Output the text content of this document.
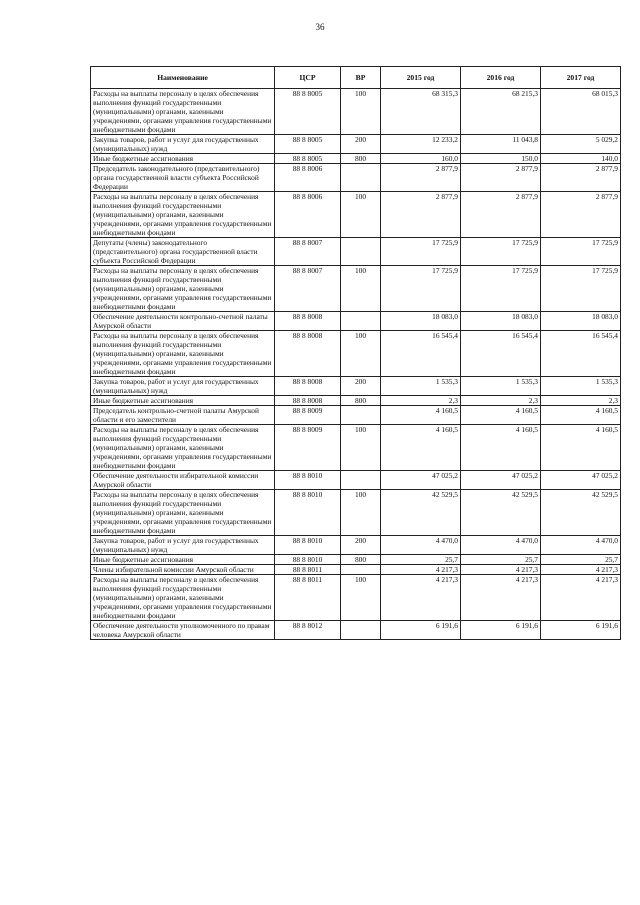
36
Наименование	ЦСР	ВР	2015 год	2016 год	2017 год
Расходы на выплаты персоналу в целях обеспечения выполнения функций государственными (муниципальными) органами, казенными учреждениями, органами управления государственными внебюджетными фондами	88 8 8005	100	68 315,3	68 215,3	68 015,3
Закупка товаров, работ и услуг для государственных (муниципальных) нужд	88 8 8005	200	12 233,2	11 043,8	5 029,2
Иные бюджетные ассигнования	88 8 8005	800	160,0	150,0	140,0
Председатель законодательного (представительного) органа государственной власти субъекта Российской Федерации	88 8 8006		2 877,9	2 877,9	2 877,9
Расходы на выплаты персоналу в целях обеспечения выполнения функций государственными (муниципальными) органами, казенными учреждениями, органами управления государственными внебюджетными фондами	88 8 8006	100	2 877,9	2 877,9	2 877,9
Депутаты (члены) законодательного (представительного) органа государственной власти субъекта Российской Федерации	88 8 8007		17 725,9	17 725,9	17 725,9
Расходы на выплаты персоналу в целях обеспечения выполнения функций государственными (муниципальными) органами, казенными учреждениями, органами управления государственными внебюджетными фондами	88 8 8007	100	17 725,9	17 725,9	17 725,9
Обеспечение деятельности контрольно-счетной палаты Амурской области	88 8 8008		18 083,0	18 083,0	18 083,0
Расходы на выплаты персоналу в целях обеспечения выполнения функций государственными (муниципальными) органами, казенными учреждениями, органами управления государственными внебюджетными фондами	88 8 8008	100	16 545,4	16 545,4	16 545,4
Закупка товаров, работ и услуг для государственных (муниципальных) нужд	88 8 8008	200	1 535,3	1 535,3	1 535,3
Иные бюджетные ассигнования	88 8 8008	800	2,3	2,3	2,3
Председатель контрольно-счетной палаты Амурской области и его заместители	88 8 8009		4 160,5	4 160,5	4 160,5
Расходы на выплаты персоналу в целях обеспечения выполнения функций государственными (муниципальными) органами, казенными учреждениями, органами управления государственными внебюджетными фондами	88 8 8009	100	4 160,5	4 160,5	4 160,5
Обеспечение деятельности избирательной комиссии Амурской области	88 8 8010		47 025,2	47 025,2	47 025,2
Расходы на выплаты персоналу в целях обеспечения выполнения функций государственными (муниципальными) органами, казенными учреждениями, органами управления государственными внебюджетными фондами	88 8 8010	100	42 529,5	42 529,5	42 529,5
Закупка товаров, работ и услуг для государственных (муниципальных) нужд	88 8 8010	200	4 470,0	4 470,0	4 470,0
Иные бюджетные ассигнования	88 8 8010	800	25,7	25,7	25,7
Члены избирательной комиссии Амурской области	88 8 8011		4 217,3	4 217,3	4 217,3
Расходы на выплаты персоналу в целях обеспечения выполнения функций государственными (муниципальными) органами, казенными учреждениями, органами управления государственными внебюджетными фондами	88 8 8011	100	4 217,3	4 217,3	4 217,3
Обеспечение деятельности уполномоченного по правам человека Амурской области	88 8 8012		6 191,6	6 191,6	6 191,6
